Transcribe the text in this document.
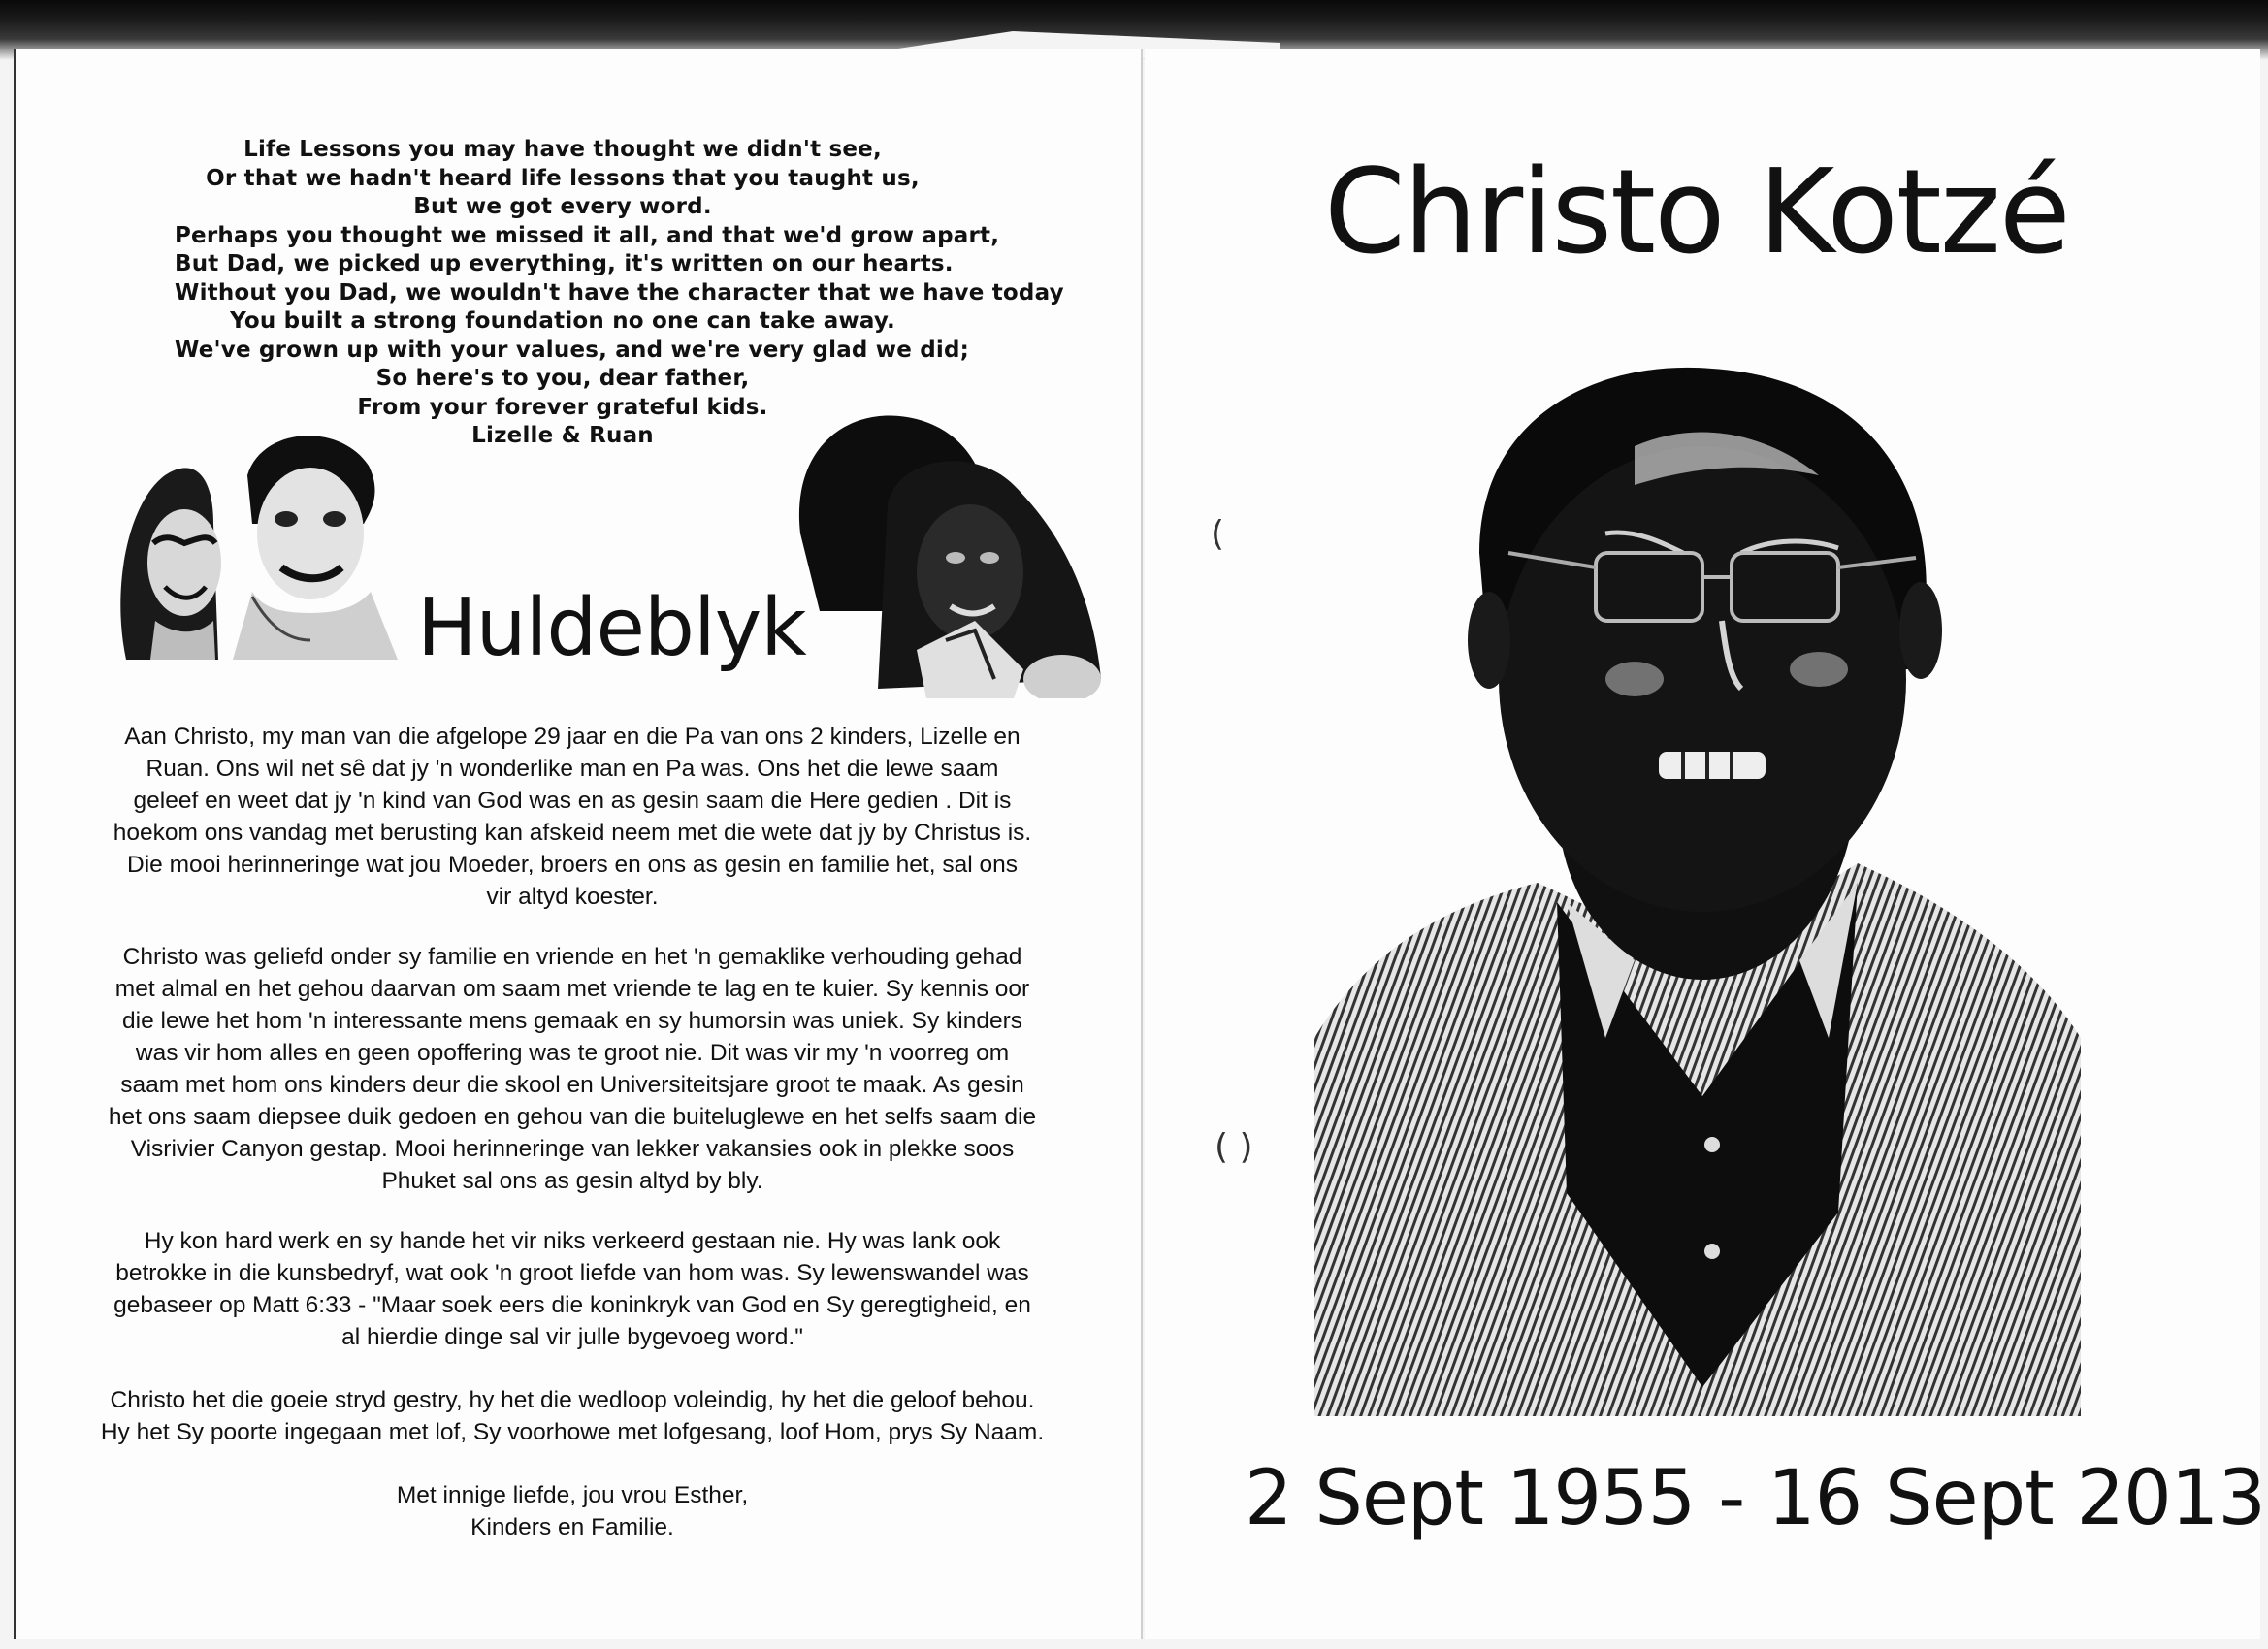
Life Lessons you may have thought we didn't see,
Or that we hadn't heard life lessons that you taught us,
But we got every word.
Perhaps you thought we missed it all, and that we'd grow apart,
But Dad, we picked up everything, it's written on our hearts.
Without you Dad, we wouldn't have the character that we have today
You built a strong foundation no one can take away.
We've grown up with your values, and we're very glad we did;
So here's to you, dear father,
From your forever grateful kids.
Lizelle & Ruan
Huldeblyk
Aan Christo, my man van die afgelope 29 jaar en die Pa van ons 2 kinders, Lizelle en
Ruan. Ons wil net sê dat jy 'n wonderlike man en Pa was. Ons het die lewe saam
geleef en weet dat jy 'n kind van God was en as gesin saam die Here gedien . Dit is
hoekom ons vandag met berusting kan afskeid neem met die wete dat jy by Christus is.
Die mooi herinneringe wat jou Moeder, broers en ons as gesin en familie het, sal ons
vir altyd koester.
Christo was geliefd onder sy familie en vriende en het 'n gemaklike verhouding gehad
met almal en het gehou daarvan om saam met vriende te lag en te kuier. Sy kennis oor
die lewe het hom 'n interessante mens gemaak en sy humorsin was uniek. Sy kinders
was vir hom alles en geen opoffering was te groot nie. Dit was vir my 'n voorreg om
saam met hom ons kinders deur die skool en Universiteitsjare groot te maak. As gesin
het ons saam diepsee duik gedoen en gehou van die buiteluglewe en het selfs saam die
Visrivier Canyon gestap. Mooi herinneringe van lekker vakansies ook in plekke soos
Phuket sal ons as gesin altyd by bly.
Hy kon hard werk en sy hande het vir niks verkeerd gestaan nie. Hy was lank ook
betrokke in die kunsbedryf, wat ook 'n groot liefde van hom was. Sy lewenswandel was
gebaseer op Matt 6:33 - "Maar soek eers die koninkryk van God en Sy geregtigheid, en
al hierdie dinge sal vir julle bygevoeg word."
Christo het die goeie stryd gestry, hy het die wedloop voleindig, hy het die geloof behou.
Hy het Sy poorte ingegaan met lof, Sy voorhowe met lofgesang, loof Hom, prys Sy Naam.
Met innige liefde, jou vrou Esther,
Kinders en Familie.
Christo Kotzé
(
( )
2 Sept 1955 - 16 Sept 2013
